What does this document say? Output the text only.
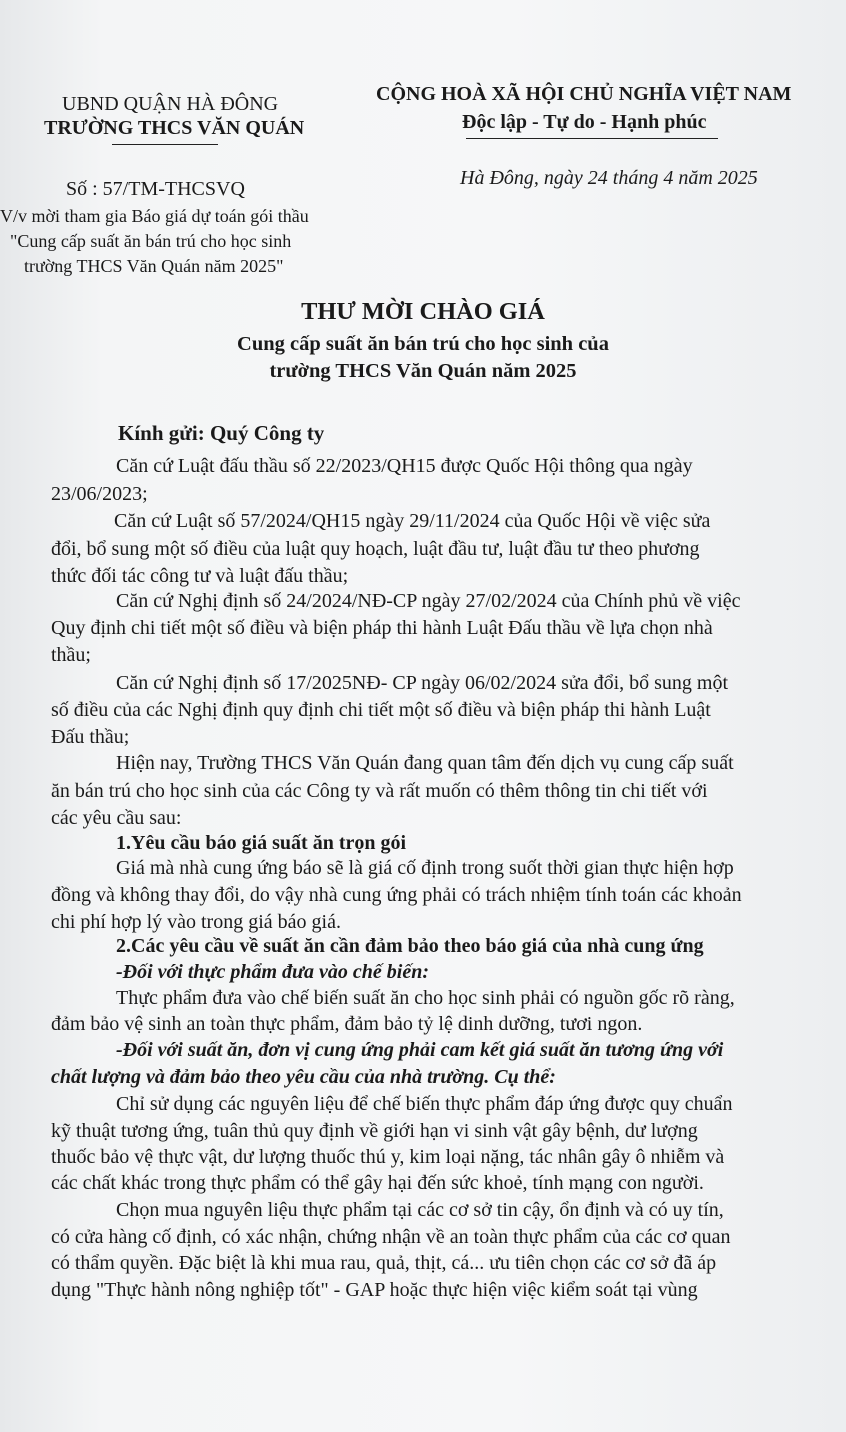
UBND QUẬN HÀ ĐÔNG
TRƯỜNG THCS VĂN QUÁN
CỘNG HOÀ XÃ HỘI CHỦ NGHĨA VIỆT NAM
Độc lập - Tự do - Hạnh phúc
Số : 57/TM-THCSVQ	Hà Đông, ngày 24 tháng 4 năm 2025
V/v mời tham gia Báo giá dự toán gói thầu
"Cung cấp suất ăn bán trú cho học sinh
trường THCS Văn Quán năm 2025"
THƯ MỜI CHÀO GIÁ
Cung cấp suất ăn bán trú cho học sinh của
trường THCS Văn Quán năm 2025
Kính gửi: Quý Công ty
Căn cứ Luật đấu thầu số 22/2023/QH15 được Quốc Hội thông qua ngày
23/06/2023;
Căn cứ Luật số 57/2024/QH15 ngày 29/11/2024 của Quốc Hội về việc sửa
đổi, bổ sung một số điều của luật quy hoạch, luật đầu tư, luật đầu tư theo phương
thức đối tác công tư và luật đấu thầu;
Căn cứ Nghị định số 24/2024/NĐ-CP ngày 27/02/2024 của Chính phủ về việc
Quy định chi tiết một số điều và biện pháp thi hành Luật Đấu thầu về lựa chọn nhà
thầu;
Căn cứ Nghị định số 17/2025NĐ- CP ngày 06/02/2024 sửa đổi, bổ sung một
số điều của các Nghị định quy định chi tiết một số điều và biện pháp thi hành Luật
Đấu thầu;
Hiện nay, Trường THCS Văn Quán đang quan tâm đến dịch vụ cung cấp suất
ăn bán trú cho học sinh của các Công ty và rất muốn có thêm thông tin chi tiết với
các yêu cầu sau:
1.Yêu cầu báo giá suất ăn trọn gói
Giá mà nhà cung ứng báo sẽ là giá cố định trong suốt thời gian thực hiện hợp
đồng và không thay đổi, do vậy nhà cung ứng phải có trách nhiệm tính toán các khoản
chi phí hợp lý vào trong giá báo giá.
2.Các yêu cầu về suất ăn cần đảm bảo theo báo giá của nhà cung ứng
-Đối với thực phẩm đưa vào chế biến:
Thực phẩm đưa vào chế biến suất ăn cho học sinh phải có nguồn gốc rõ ràng,
đảm bảo vệ sinh an toàn thực phẩm, đảm bảo tỷ lệ dinh dưỡng, tươi ngon.
-Đối với suất ăn, đơn vị cung ứng phải cam kết giá suất ăn tương ứng với
chất lượng và đảm bảo theo yêu cầu của nhà trường. Cụ thể:
Chỉ sử dụng các nguyên liệu để chế biến thực phẩm đáp ứng được quy chuẩn
kỹ thuật tương ứng, tuân thủ quy định về giới hạn vi sinh vật gây bệnh, dư lượng
thuốc bảo vệ thực vật, dư lượng thuốc thú y, kim loại nặng, tác nhân gây ô nhiễm và
các chất khác trong thực phẩm có thể gây hại đến sức khoẻ, tính mạng con người.
Chọn mua nguyên liệu thực phẩm tại các cơ sở tin cậy, ổn định và có uy tín,
có cửa hàng cố định, có xác nhận, chứng nhận về an toàn thực phẩm của các cơ quan
có thẩm quyền. Đặc biệt là khi mua rau, quả, thịt, cá... ưu tiên chọn các cơ sở đã áp
dụng "Thực hành nông nghiệp tốt" - GAP hoặc thực hiện việc kiểm soát tại vùng
